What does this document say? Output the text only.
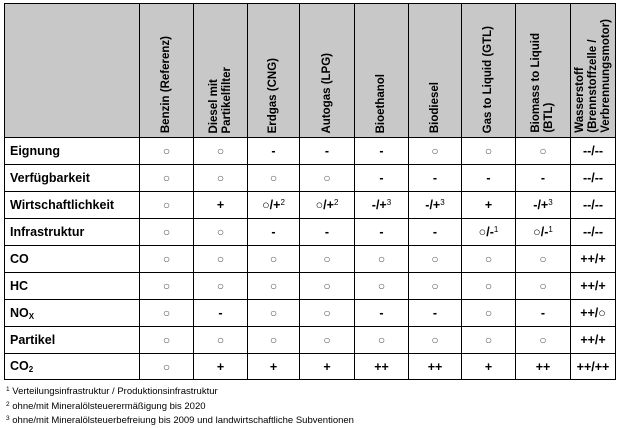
	Benzin (Referenz)	Diesel mit
Partikelfilter	Erdgas (CNG)	Autogas (LPG)	Bioethanol	Biodiesel	Gas to Liquid (GTL)	Biomass to Liquid
(BTL)	Wasserstoff
(Brennstoffzelle /
Verbrennungsmotor)

Eignung	○	○	-	-	-	○	○	○	--/--
Verfügbarkeit	○	○	○	○	-	-	-	-	--/--
Wirtschaftlichkeit	○	+	○/+$^2$	○/+$^2$	-/+$^3$	-/+$^3$	+	-/+$^3$	--/--
Infrastruktur	○	○	-	-	-	-	○/-$^1$	○/-$^1$	--/--
CO	○	○	○	○	○	○	○	○	++/+
HC	○	○	○	○	○	○	○	○	++/+
$NO_X$	○	-	○	○	-	-	○	-	++/○
Partikel	○	○	○	○	○	○	○	○	++/+
$CO_2$	○	+	+	+	++	++	+	++	++/++
$^1$ Verteilungsinfrastruktur / Produktionsinfrastruktur
$^2$ ohne/mit Mineralölsteuerermäßigung bis 2020
$^3$ ohne/mit Mineralölsteuerbefreiung bis 2009 und landwirtschaftliche Subventionen
